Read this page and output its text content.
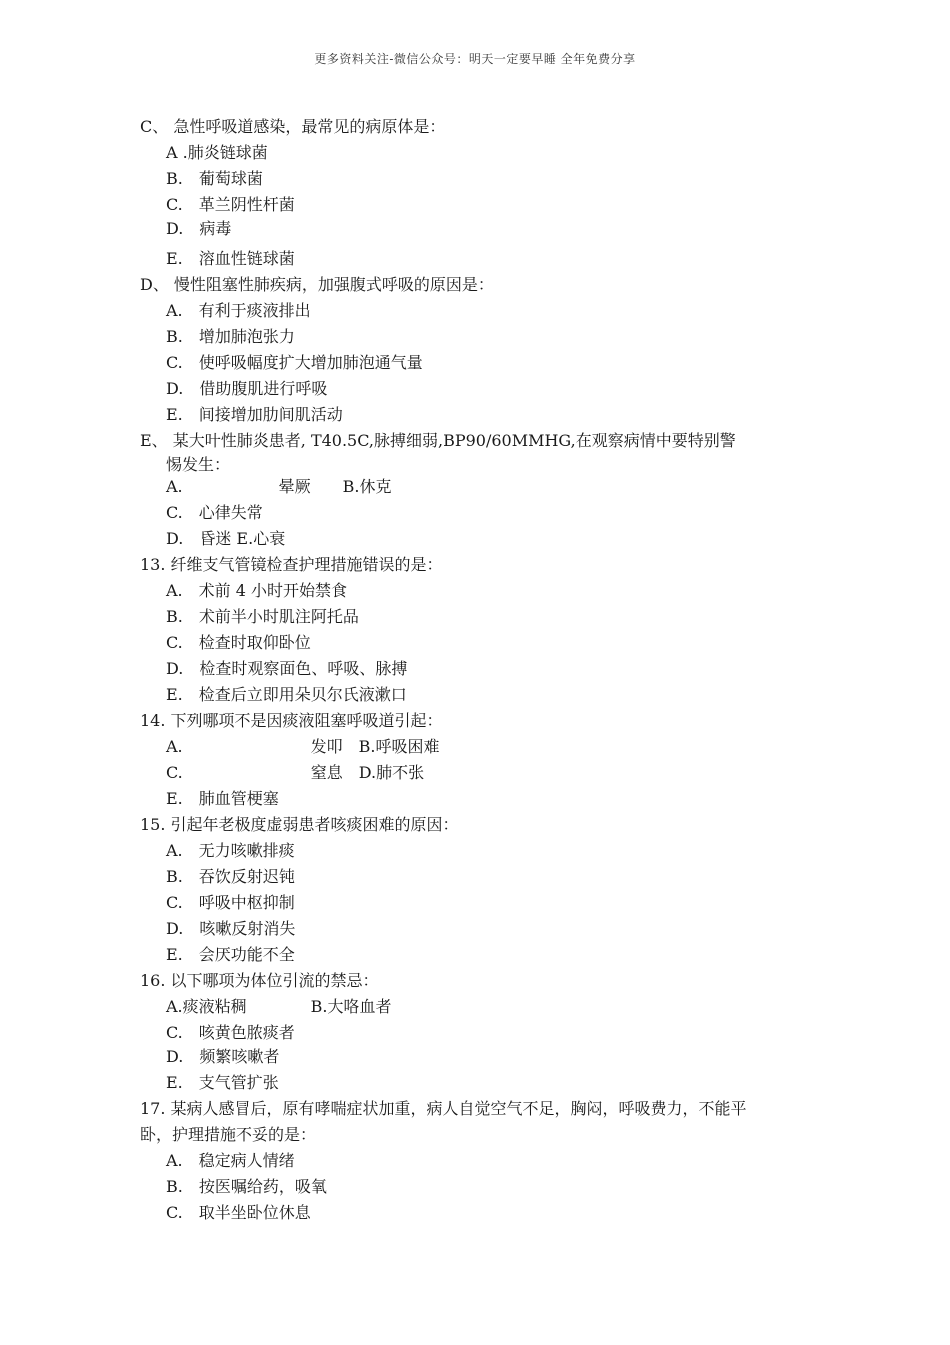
更多资料关注-微信公众号：明天一定要早睡 全年免费分享
C、 急性呼吸道感染，最常见的病原体是：
A .肺炎链球菌
B.　葡萄球菌
C.　革兰阴性杆菌
D.　病毒
E.　溶血性链球菌
D、 慢性阻塞性肺疾病，加强腹式呼吸的原因是：
A.　有利于痰液排出
B.　增加肺泡张力
C.　使呼吸幅度扩大增加肺泡通气量
D.　借助腹肌进行呼吸
E.　间接增加肋间肌活动
E、 某大叶性肺炎患者, T40.5C,脉搏细弱,BP90/60MMHG,在观察病情中要特别警
惕发生：
A.　　　　　　晕厥　　B.休克
C.　心律失常
D.　昏迷 E.心衰
13. 纤维支气管镜检查护理措施错误的是：
A.　术前 4 小时开始禁食
B.　术前半小时肌注阿托品
C.　检查时取仰卧位
D.　检查时观察面色、呼吸、脉搏
E.　检查后立即用朵贝尔氏液漱口
14. 下列哪项不是因痰液阻塞呼吸道引起：
A.　　　　　　　　发叩　B.呼吸困难
C.　　　　　　　　窒息　D.肺不张
E.　肺血管梗塞
15. 引起年老极度虚弱患者咳痰困难的原因：
A.　无力咳嗽排痰
B.　吞饮反射迟钝
C.　呼吸中枢抑制
D.　咳嗽反射消失
E.　会厌功能不全
16. 以下哪项为体位引流的禁忌：
A.痰液粘稠　　　　B.大咯血者
C.　咳黄色脓痰者
D.　频繁咳嗽者
E.　支气管扩张
17. 某病人感冒后，原有哮喘症状加重，病人自觉空气不足，胸闷，呼吸费力，不能平
卧，护理措施不妥的是：
A.　稳定病人情绪
B.　按医嘱给药，吸氧
C.　取半坐卧位休息
